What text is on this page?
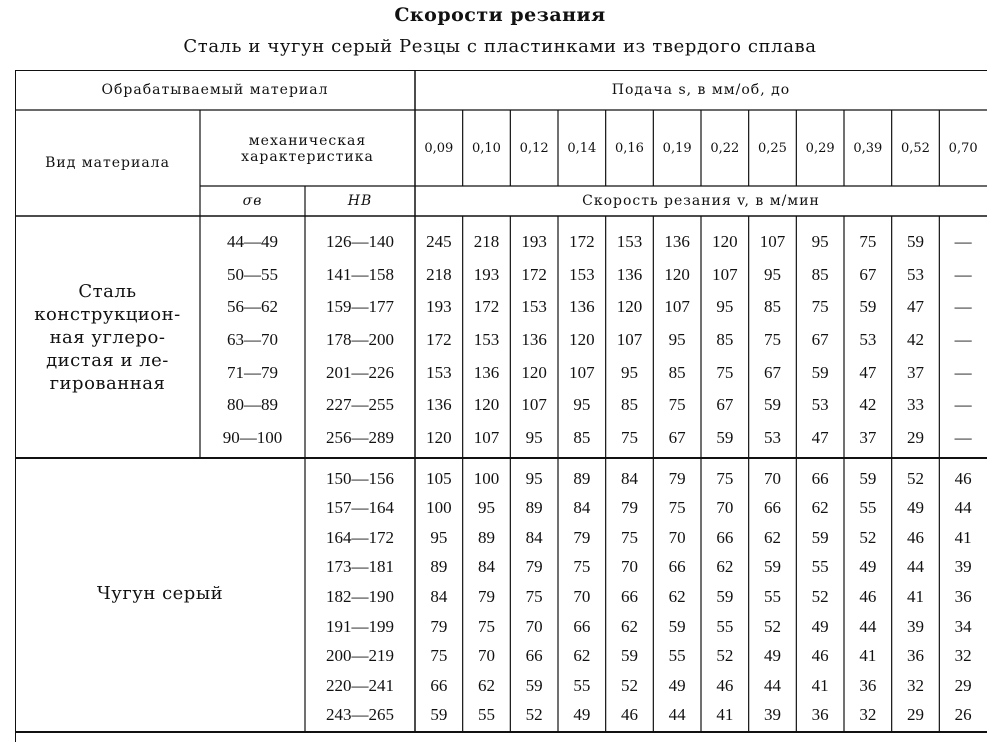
Скорости резания
Сталь и чугун серый Резцы с пластинками из твердого сплава
Обрабатываемый материал	Подача s, в мм/об, до
Вид материала
механическая
характеристика
σв	HB	Скорость резания v, в м/мин
0,09	0,10	0,12	0,14	0,16	0,19	0,22	0,25	0,29	0,39	0,52	0,70
Сталь
конструкцион-
ная углеро-
дистая и ле-
гированная
44—49	126—140	245	218	193	172	153	136	120	107	95	75	59	—
50—55	141—158	218	193	172	153	136	120	107	95	85	67	53	—
56—62	159—177	193	172	153	136	120	107	95	85	75	59	47	—
63—70	178—200	172	153	136	120	107	95	85	75	67	53	42	—
71—79	201—226	153	136	120	107	95	85	75	67	59	47	37	—
80—89	227—255	136	120	107	95	85	75	67	59	53	42	33	—
90—100	256—289	120	107	95	85	75	67	59	53	47	37	29	—
Чугун серый
150—156	105	100	95	89	84	79	75	70	66	59	52	46
157—164	100	95	89	84	79	75	70	66	62	55	49	44
164—172	95	89	84	79	75	70	66	62	59	52	46	41
173—181	89	84	79	75	70	66	62	59	55	49	44	39
182—190	84	79	75	70	66	62	59	55	52	46	41	36
191—199	79	75	70	66	62	59	55	52	49	44	39	34
200—219	75	70	66	62	59	55	52	49	46	41	36	32
220—241	66	62	59	55	52	49	46	44	41	36	32	29
243—265	59	55	52	49	46	44	41	39	36	32	29	26
